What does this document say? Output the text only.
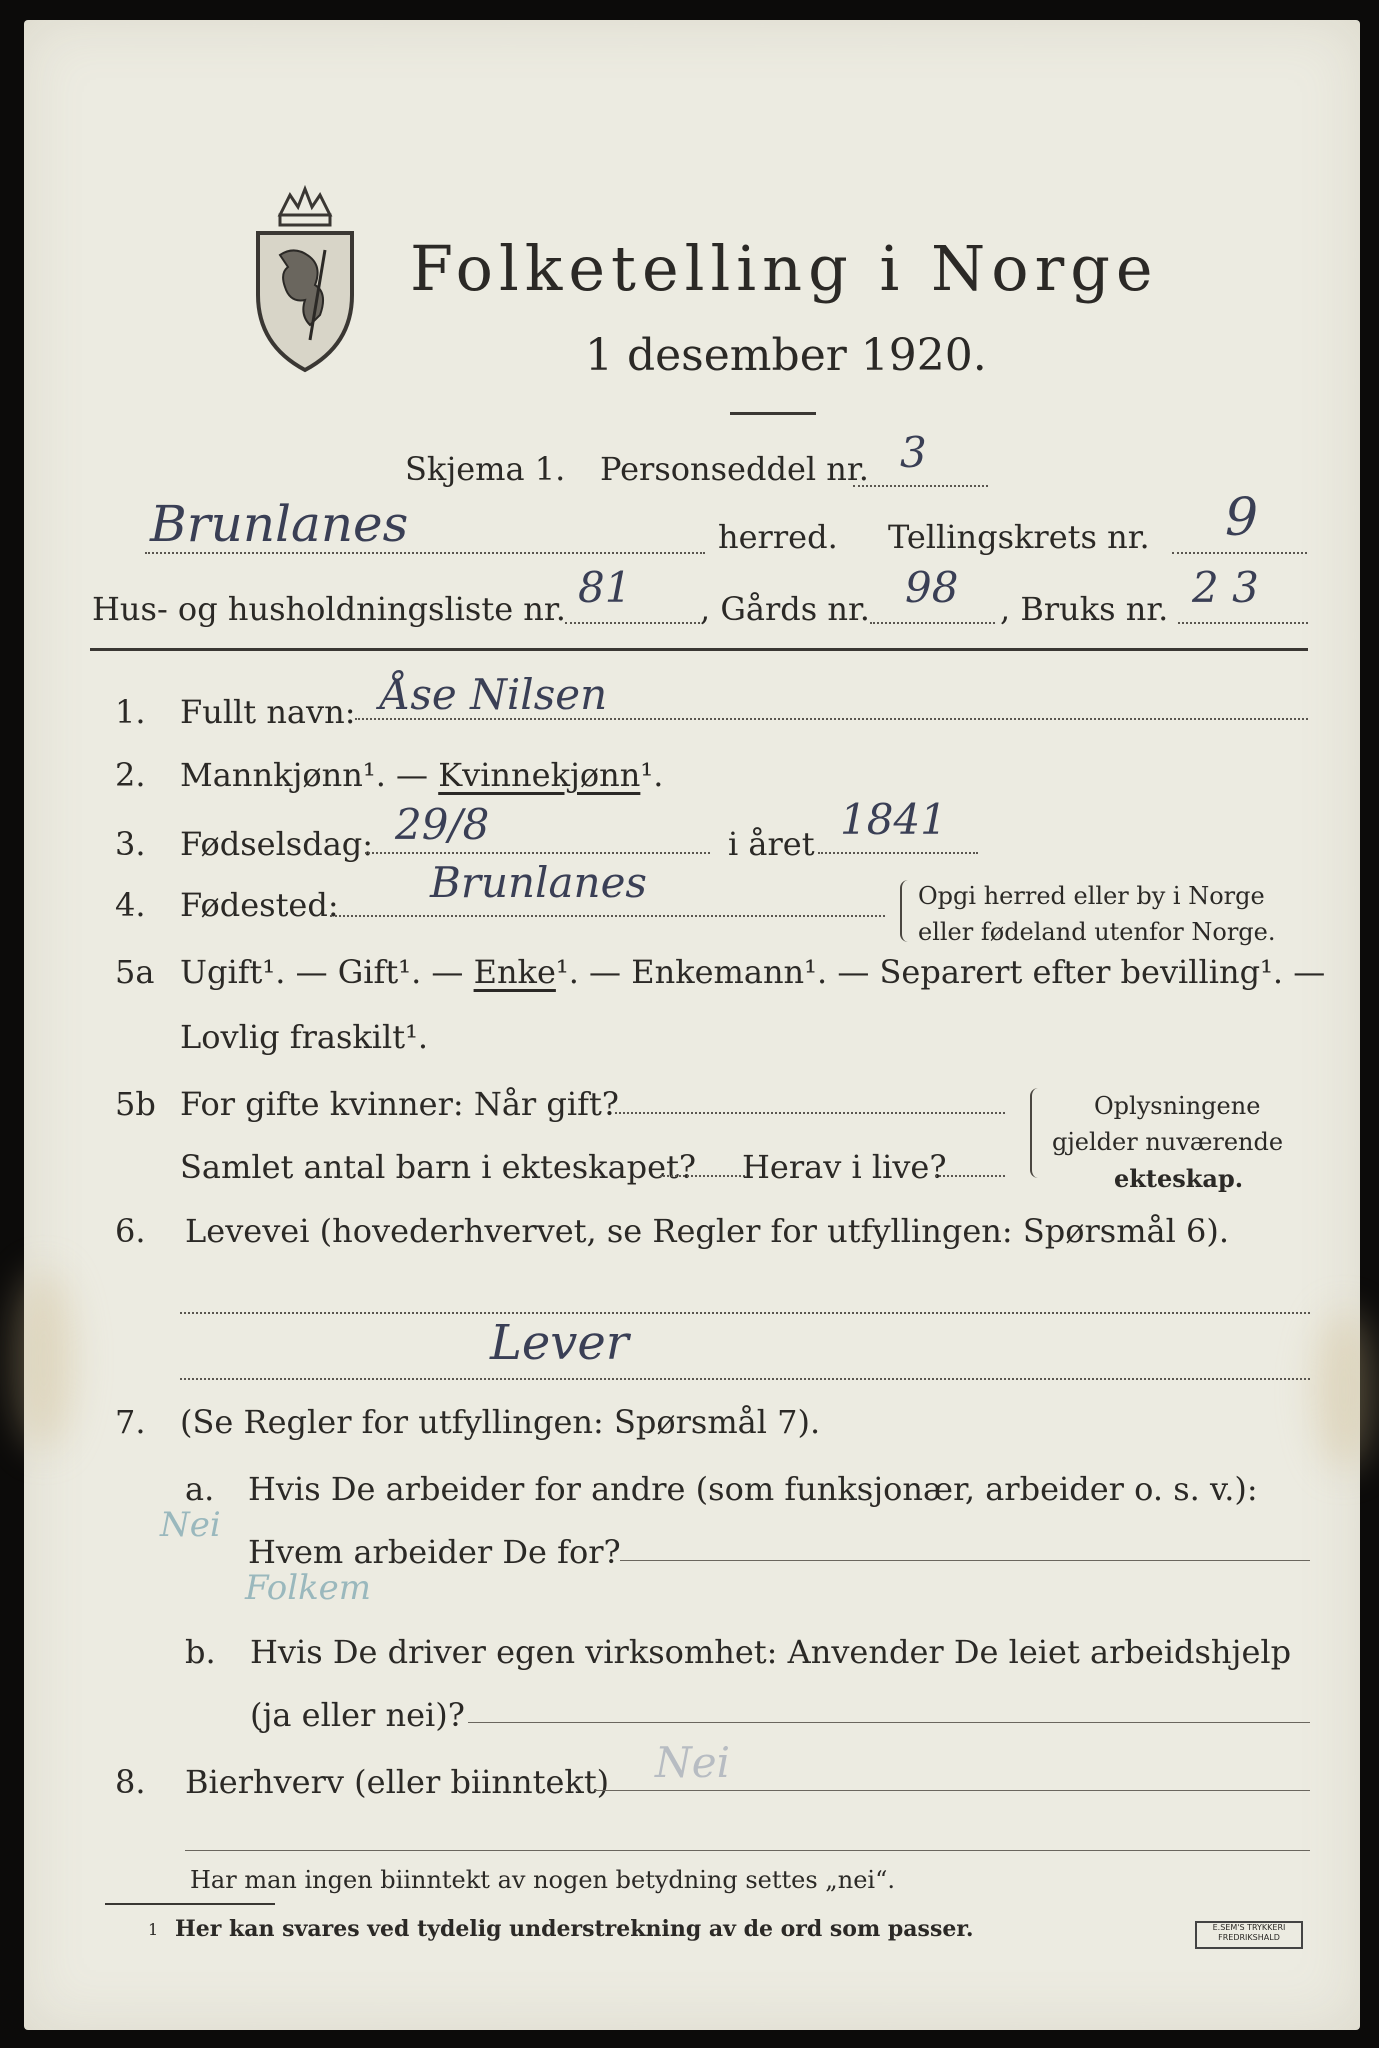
Folketelling i Norge
1 desember 1920.
Skjema 1. Personseddel nr. 3
Brunlanes	herred. Tellingskrets nr. 9
Hus- og husholdningsliste nr. 81 , Gårds nr. 98 , Bruks nr. 2 3
1. Fullt navn: Åse Nilsen
2. Mannkjønn¹. — Kvinnekjønn¹.
3. Fødselsdag: 29/8	i året 1841
4. Fødested: Brunlanes	Opgi herred eller by i Norge
eller fødeland utenfor Norge.
5a Ugift¹. — Gift¹. — Enke¹. — Enkemann¹. — Separert efter bevilling¹. —
Lovlig fraskilt¹.
5b For gifte kvinner: Når gift?
Samlet antal barn i ekteskapet? Herav i live?
Oplysningene
gjelder nuværende
ekteskap.
6. Levevei (hovederhvervet, se Regler for utfyllingen: Spørsmål 6).
Lever
7. (Se Regler for utfyllingen: Spørsmål 7).
a. Hvis De arbeider for andre (som funksjonær, arbeider o. s. v.):
Hvem arbeider De for?
Nei
Folkem
b. Hvis De driver egen virksomhet: Anvender De leiet arbeidshjelp
(ja eller nei)?
8. Bierhverv (eller biinntekt) Nei
Har man ingen biinntekt av nogen betydning settes „nei“.
1 Her kan svares ved tydelig understrekning av de ord som passer.	E.SEM'S TRYKKERI
FREDRIKSHALD
